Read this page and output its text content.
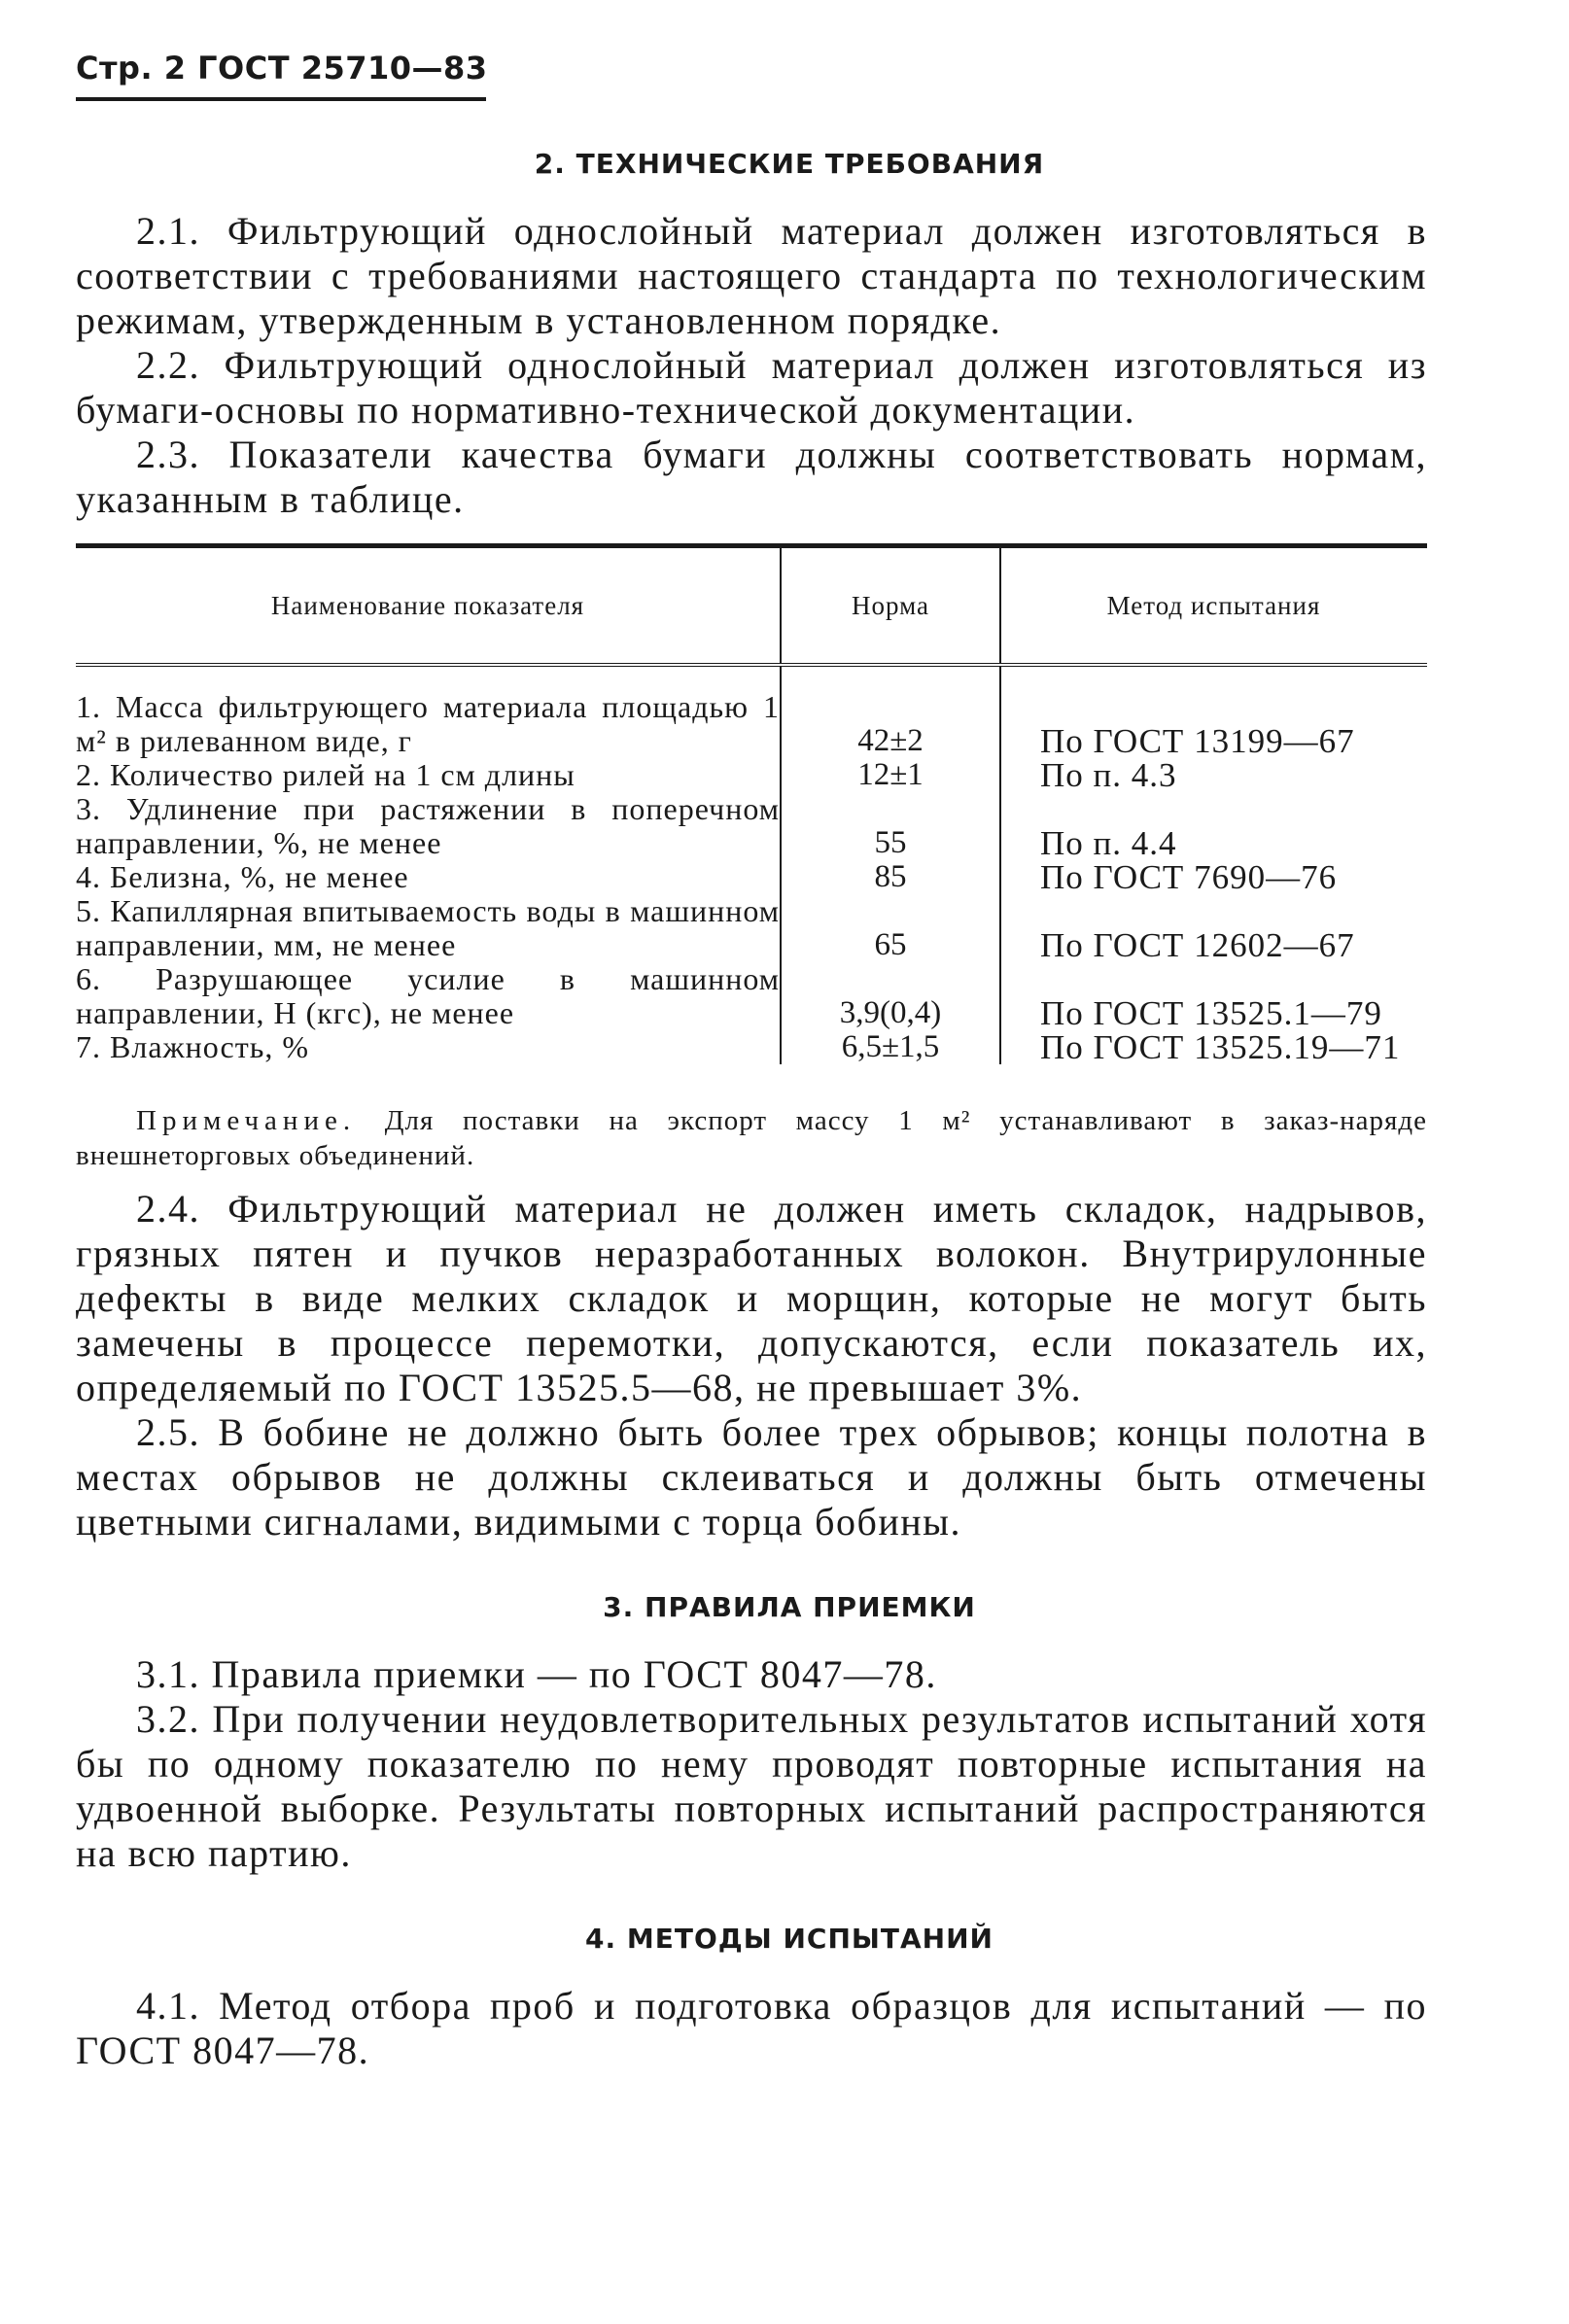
Стр. 2 ГОСТ 25710—83
2. ТЕХНИЧЕСКИЕ ТРЕБОВАНИЯ

2.1. Фильтрующий однослойный материал должен изготовляться в соответствии с требованиями настоящего стандарта по технологическим режимам, утвержденным в установленном порядке.

2.2. Фильтрующий однослойный материал должен изготовляться из бумаги-основы по нормативно-технической документации.

2.3. Показатели качества бумаги должны соответствовать нормам, указанным в таблице.

Наименование показателя	Норма	Метод испытания

1. Масса фильтрующего материала площадью 1 м² в рилеванном виде, г	42±2	По ГОСТ 13199—67

2. Количество рилей на 1 см длины	12±1	По п. 4.3

3. Удлинение при растяжении в поперечном направлении, %, не менее	55	По п. 4.4

4. Белизна, %, не менее	85	По ГОСТ 7690—76

5. Капиллярная впитываемость воды в машинном направлении, мм, не менее	65	По ГОСТ 12602—67

6. Разрушающее усилие в машинном направлении, Н (кгс), не менее	3,9(0,4)	По ГОСТ 13525.1—79

7. Влажность, %	6,5±1,5	По ГОСТ 13525.19—71
Примечание. Для поставки на экспорт массу 1 м² устанавливают в заказ-наряде внешнеторговых объединений.

2.4. Фильтрующий материал не должен иметь складок, надрывов, грязных пятен и пучков неразработанных волокон. Внутрирулонные дефекты в виде мелких складок и морщин, которые не могут быть замечены в процессе перемотки, допускаются, если показатель их, определяемый по ГОСТ 13525.5—68, не превышает 3%.

2.5. В бобине не должно быть более трех обрывов; концы полотна в местах обрывов не должны склеиваться и должны быть отмечены цветными сигналами, видимыми с торца бобины.

3. ПРАВИЛА ПРИЕМКИ

3.1. Правила приемки — по ГОСТ 8047—78.

3.2. При получении неудовлетворительных результатов испытаний хотя бы по одному показателю по нему проводят повторные испытания на удвоенной выборке. Результаты повторных испытаний распространяются на всю партию.

4. МЕТОДЫ ИСПЫТАНИЙ

4.1. Метод отбора проб и подготовка образцов для испытаний — по ГОСТ 8047—78.
